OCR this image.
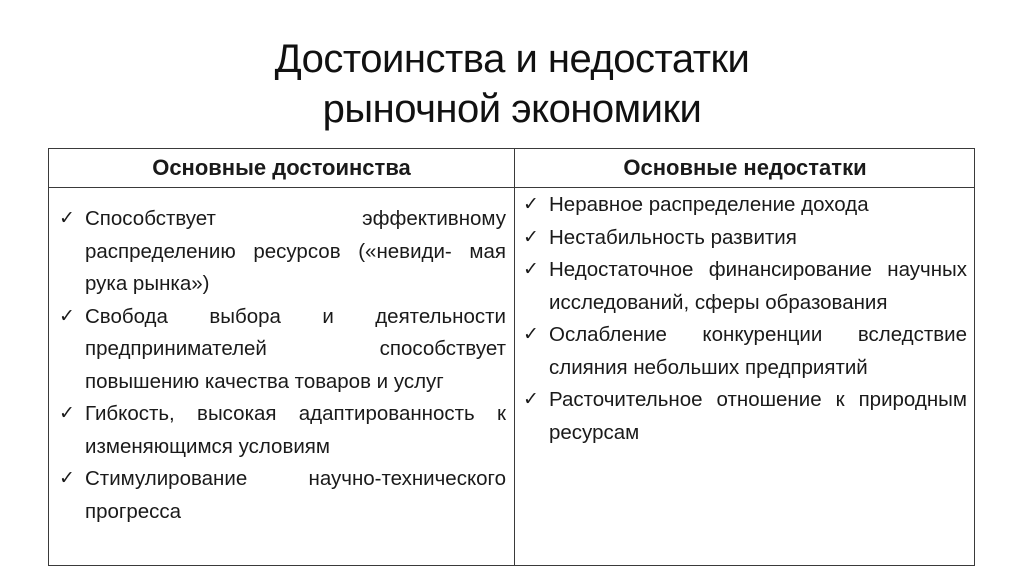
Достоинства и недостатки
рыночной экономики
Основные достоинства	Основные недостатки
✓ Способствует эффективному распределению ресурсов («невиди- мая рука рынка»)
✓ Свобода выбора и деятельности предпринимателей способствует повышению качества товаров и услуг
✓ Гибкость, высокая адаптированность к изменяющимся условиям
✓ Стимулирование научно-технического прогресса
✓ Неравное распределение дохода
✓ Нестабильность развития
✓ Недостаточное финансирование научных исследований, сферы образования
✓ Ослабление конкуренции вследствие слияния небольших предприятий
✓ Расточительное отношение к природным ресурсам
